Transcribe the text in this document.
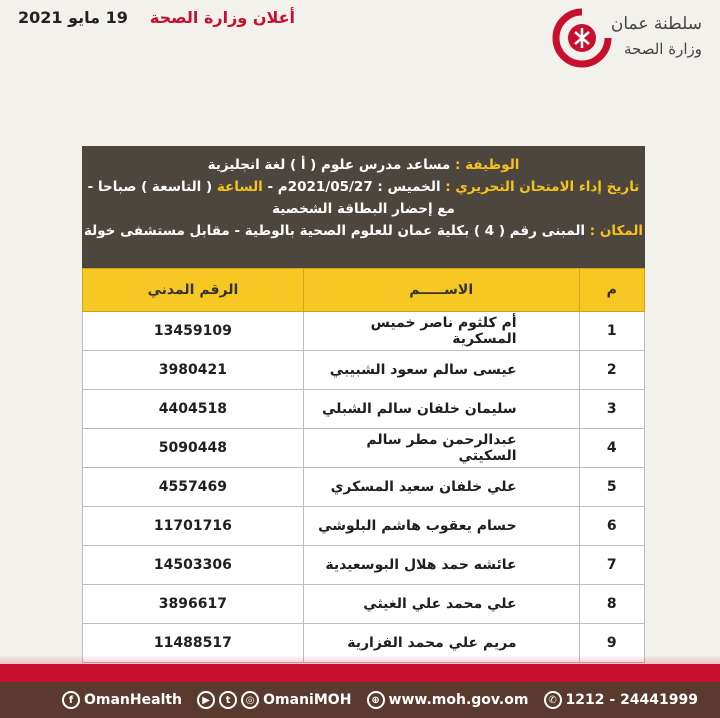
أعلان وزارة الصحة
19 مايو 2021	سلطنة عمان
وزارة الصحة
الوظيفة : مساعد مدرس علوم ( أ ) لغة انجليزية
تاريخ إداء الامتحان التحريري : الخميس : 2021/05/27م - الساعة ( التاسعة ) صباحا -
مع إحضار البطاقة الشخصية
المكان : المبنى رقم ( 4 ) بكلية عمان للعلوم الصحية بالوطية - مقابل مستشفى خولة
م	الاســـــم	الرقم المدني
1	أم كلثوم ناصر خميس المسكرية	13459109
2	عيسى سالم سعود الشبيبي	3980421
3	سليمان خلفان سالم الشبلي	4404518
4	عبدالرحمن مطر سالم السكيتي	5090448
5	علي خلفان سعيد المسكري	4557469
6	حسام يعقوب هاشم البلوشي	11701716
7	عائشه حمد هلال البوسعيدية	14503306
8	علي محمد علي الغيثي	3896617
9	مريم علي محمد الفزارية	11488517
f OmanHealth	▶	t	◎ OmaniMOH	⊕ www.moh.gov.om	✆ 1212 - 24441999
